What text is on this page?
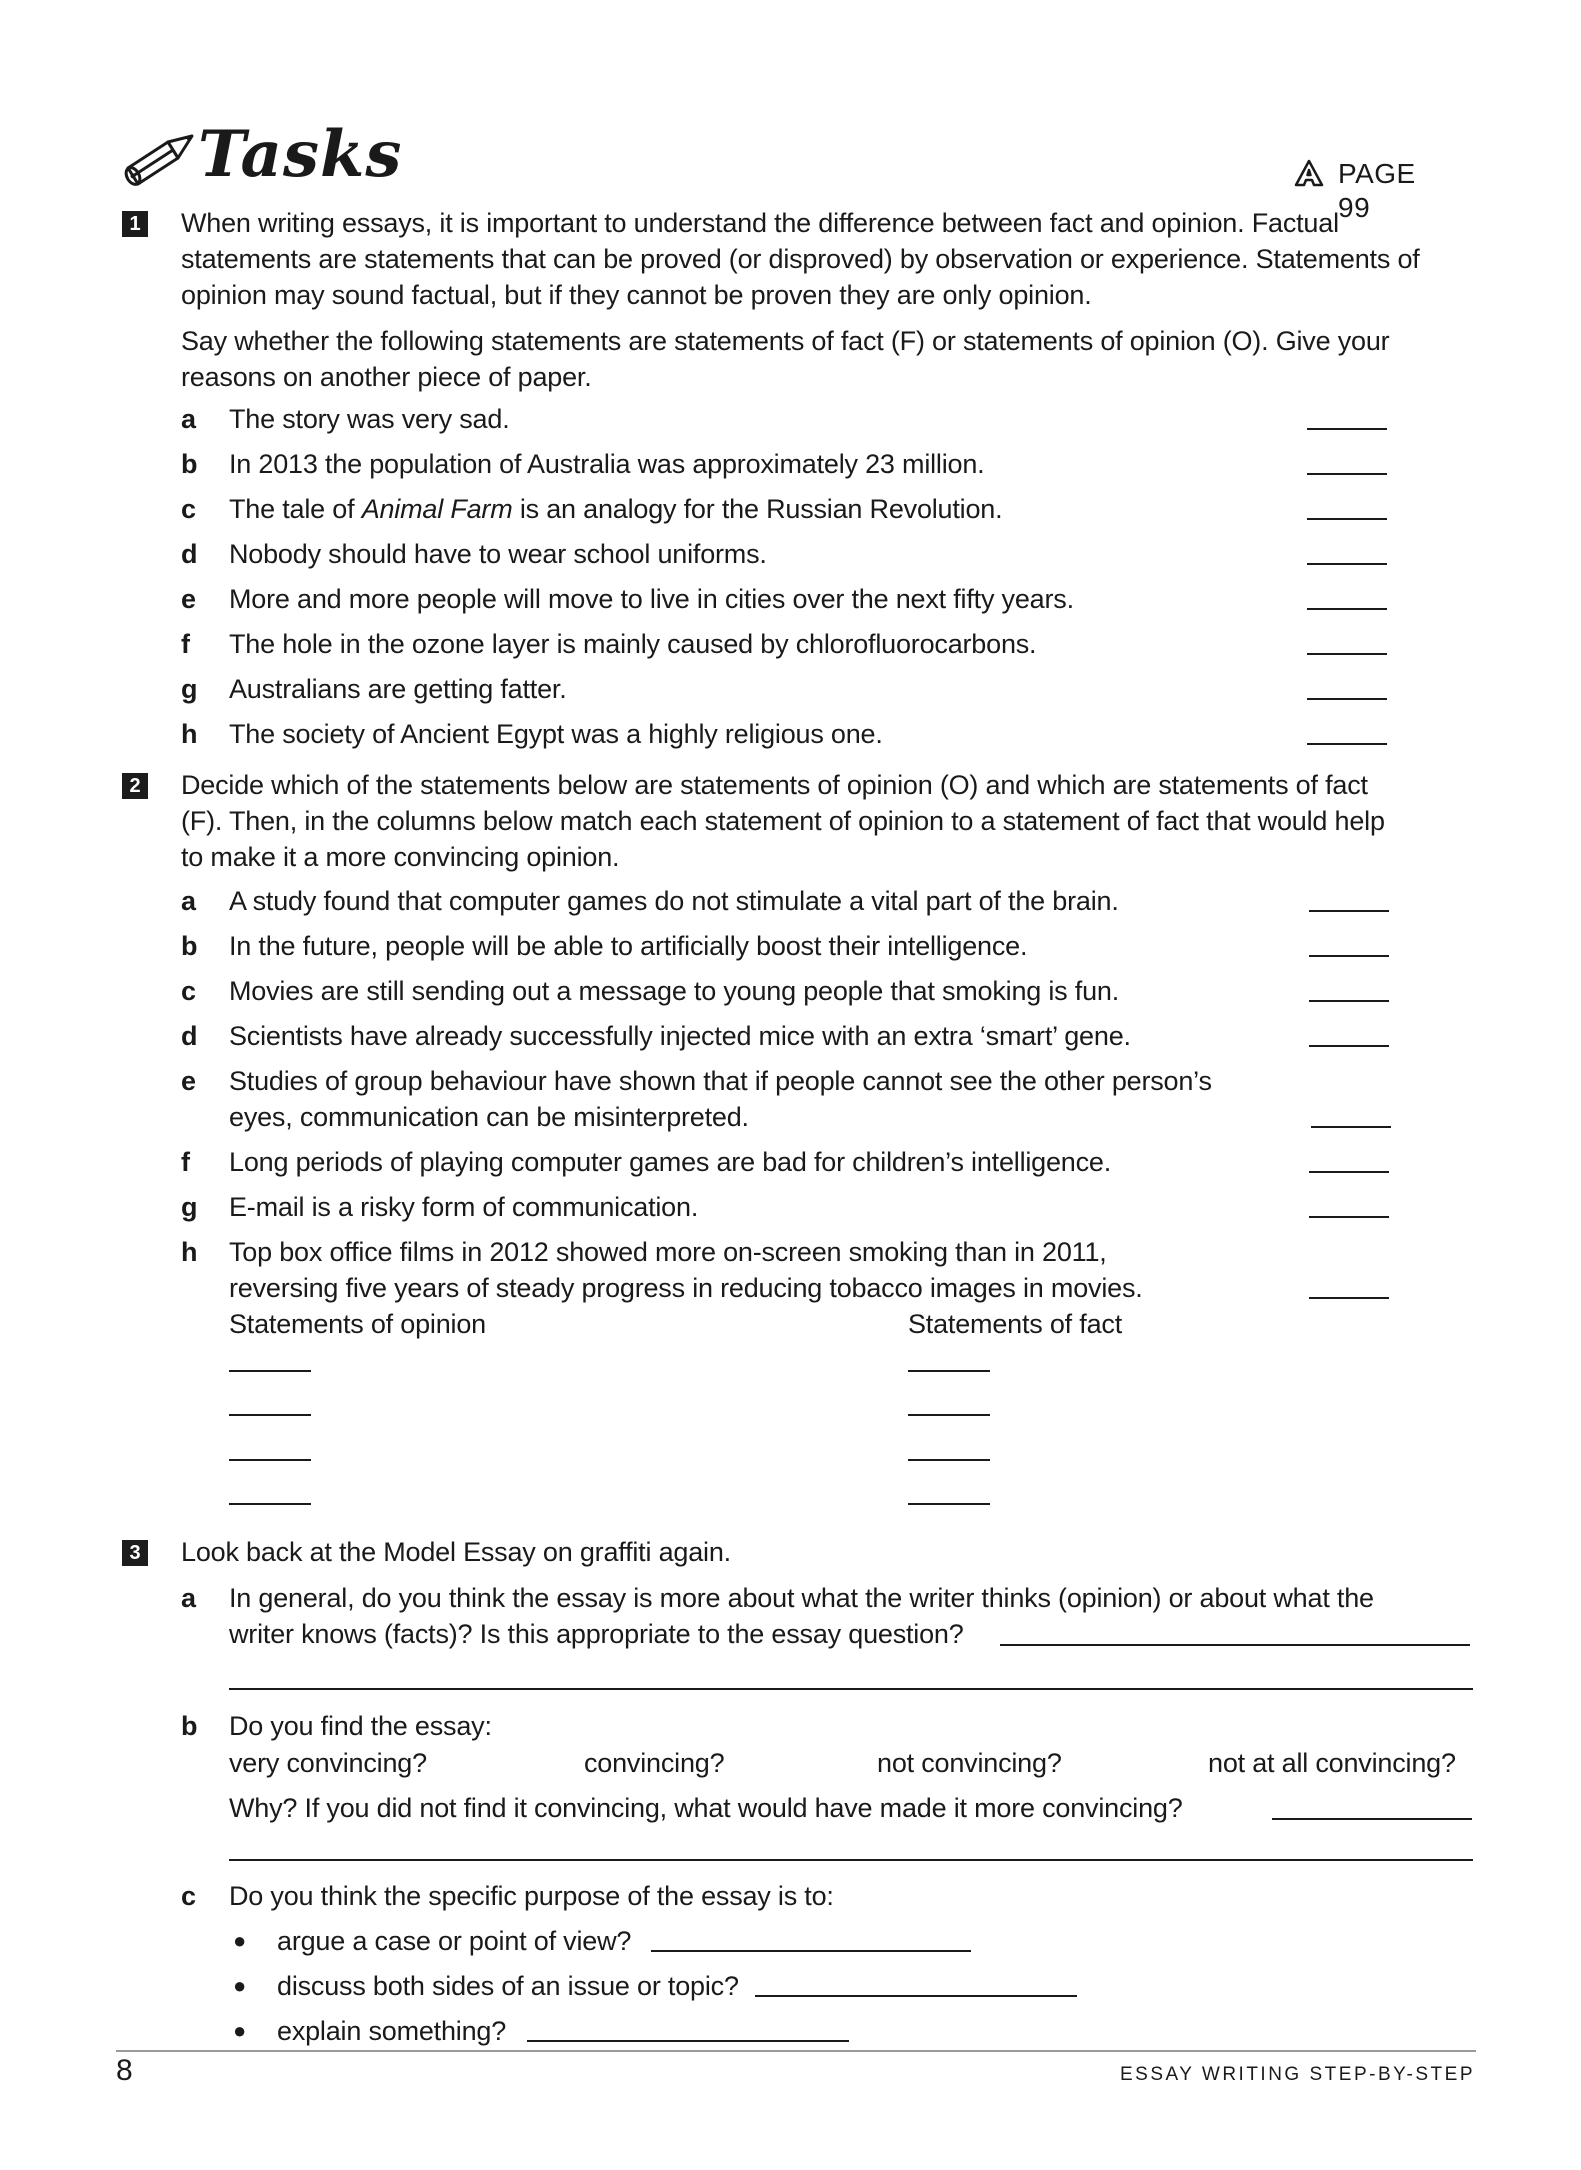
Tasks	PAGE 99
1 When writing essays, it is important to understand the difference between fact and opinion. Factual
statements are statements that can be proved (or disproved) by observation or experience. Statements of
opinion may sound factual, but if they cannot be proven they are only opinion.
Say whether the following statements are statements of fact (F) or statements of opinion (O). Give your
reasons on another piece of paper.
a	The story was very sad.
b	In 2013 the population of Australia was approximately 23 million.
c	The tale of Animal Farm is an analogy for the Russian Revolution.
d	Nobody should have to wear school uniforms.
e	More and more people will move to live in cities over the next fifty years.
f	The hole in the ozone layer is mainly caused by chlorofluorocarbons.
g	Australians are getting fatter.
h	The society of Ancient Egypt was a highly religious one.
2 Decide which of the statements below are statements of opinion (O) and which are statements of fact
(F). Then, in the columns below match each statement of opinion to a statement of fact that would help
to make it a more convincing opinion.
a	A study found that computer games do not stimulate a vital part of the brain.
b	In the future, people will be able to artificially boost their intelligence.
c	Movies are still sending out a message to young people that smoking is fun.
d	Scientists have already successfully injected mice with an extra ‘smart’ gene.
e	Studies of group behaviour have shown that if people cannot see the other person’s
eyes, communication can be misinterpreted.
f	Long periods of playing computer games are bad for children’s intelligence.
g	E-mail is a risky form of communication.
h	Top box office films in 2012 showed more on-screen smoking than in 2011,
reversing five years of steady progress in reducing tobacco images in movies.
Statements of opinion	Statements of fact
3 Look back at the Model Essay on graffiti again.
a	In general, do you think the essay is more about what the writer thinks (opinion) or about what the
writer knows (facts)? Is this appropriate to the essay question?
b	Do you find the essay:
very convincing?	convincing?	not convincing?	not at all convincing?
Why? If you did not find it convincing, what would have made it more convincing?
c	Do you think the specific purpose of the essay is to:
● argue a case or point of view?
● discuss both sides of an issue or topic?
● explain something?
8	ESSAY WRITING STEP-BY-STEP
